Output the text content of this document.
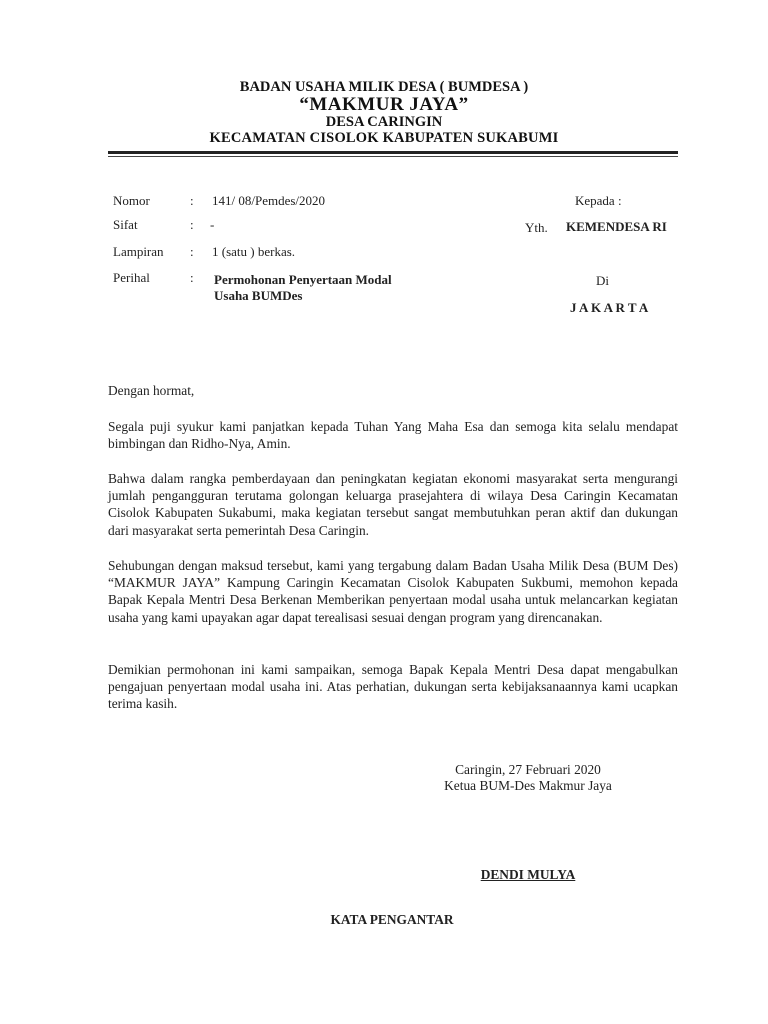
BADAN USAHA MILIK DESA ( BUMDESA )
“MAKMUR JAYA”
DESA CARINGIN
KECAMATAN CISOLOK KABUPATEN SUKABUMI
Nomor	: 141/ 08/Pemdes/2020
Sifat	: -
Lampiran : 1 (satu ) berkas.
Perihal	: Permohonan Penyertaan Modal
Usaha BUMDes
Kepada :
Yth. KEMENDESA RI
Di
J A K A R T A
Dengan hormat,
Segala puji syukur kami panjatkan kepada Tuhan Yang Maha Esa dan semoga kita selalu mendapat bimbingan dan Ridho-Nya, Amin.
Bahwa dalam rangka pemberdayaan dan peningkatan kegiatan ekonomi masyarakat serta mengurangi jumlah pengangguran terutama golongan keluarga prasejahtera di wilaya Desa Caringin Kecamatan Cisolok Kabupaten Sukabumi, maka kegiatan tersebut sangat membutuhkan peran aktif dan dukungan dari masyarakat serta pemerintah Desa Caringin.
Sehubungan dengan maksud tersebut, kami yang tergabung dalam Badan Usaha Milik Desa (BUM Des) “MAKMUR JAYA” Kampung Caringin Kecamatan Cisolok Kabupaten Sukbumi, memohon kepada Bapak Kepala Mentri Desa Berkenan Memberikan penyertaan modal usaha untuk melancarkan kegiatan usaha yang kami upayakan agar dapat terealisasi sesuai dengan program yang direncanakan.
Demikian permohonan ini kami sampaikan, semoga Bapak Kepala Mentri Desa dapat mengabulkan pengajuan penyertaan modal usaha ini. Atas perhatian, dukungan serta kebijaksanaannya kami ucapkan terima kasih.
Caringin, 27 Februari 2020
Ketua BUM-Des Makmur Jaya
DENDI MULYA
KATA PENGANTAR
